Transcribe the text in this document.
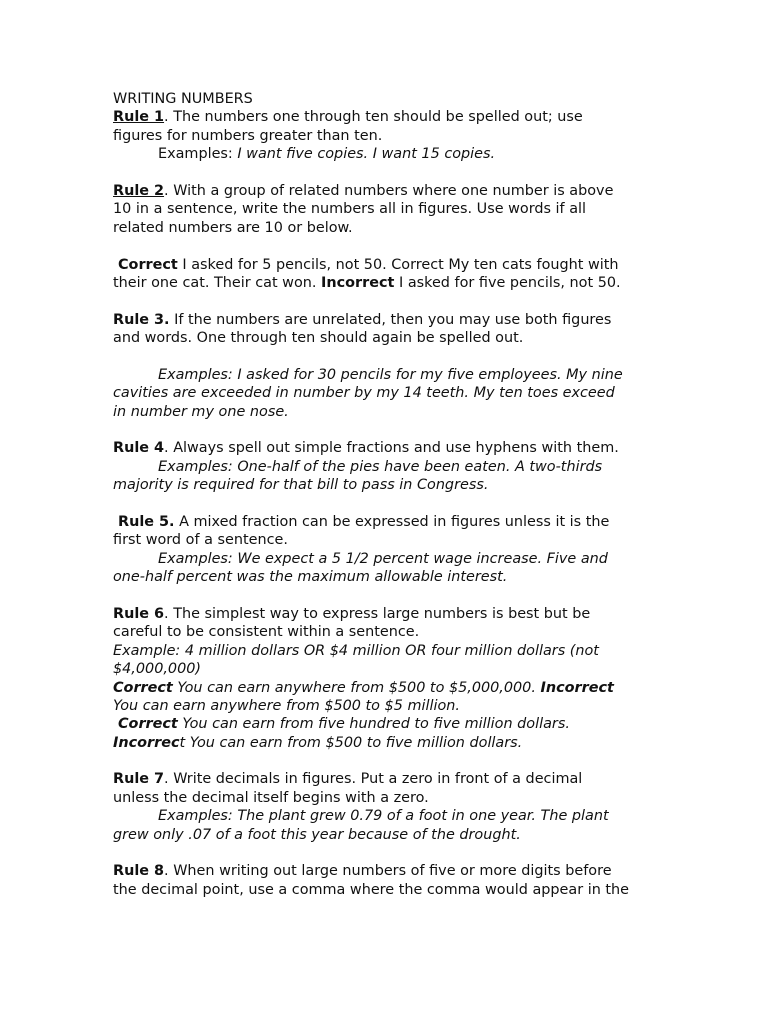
WRITING NUMBERS
Rule 1. The numbers one through ten should be spelled out; use
figures for numbers greater than ten.
Examples: I want five copies. I want 15 copies.
Rule 2. With a group of related numbers where one number is above
10 in a sentence, write the numbers all in figures. Use words if all
related numbers are 10 or below.
Correct I asked for 5 pencils, not 50. Correct My ten cats fought with
their one cat. Their cat won. Incorrect I asked for five pencils, not 50.
Rule 3. If the numbers are unrelated, then you may use both figures
and words. One through ten should again be spelled out.
Examples: I asked for 30 pencils for my five employees. My nine
cavities are exceeded in number by my 14 teeth. My ten toes exceed
in number my one nose.
Rule 4. Always spell out simple fractions and use hyphens with them.
Examples: One-half of the pies have been eaten. A two-thirds
majority is required for that bill to pass in Congress.
Rule 5. A mixed fraction can be expressed in figures unless it is the
first word of a sentence.
Examples: We expect a 5 1/2 percent wage increase. Five and
one-half percent was the maximum allowable interest.
Rule 6. The simplest way to express large numbers is best but be
careful to be consistent within a sentence.
Example: 4 million dollars OR $4 million OR four million dollars (not
$4,000,000)
Correct You can earn anywhere from $500 to $5,000,000. Incorrect
You can earn anywhere from $500 to $5 million.
Correct You can earn from five hundred to five million dollars.
Incorrect You can earn from $500 to five million dollars.
Rule 7. Write decimals in figures. Put a zero in front of a decimal
unless the decimal itself begins with a zero.
Examples: The plant grew 0.79 of a foot in one year. The plant
grew only .07 of a foot this year because of the drought.
Rule 8. When writing out large numbers of five or more digits before
the decimal point, use a comma where the comma would appear in the
